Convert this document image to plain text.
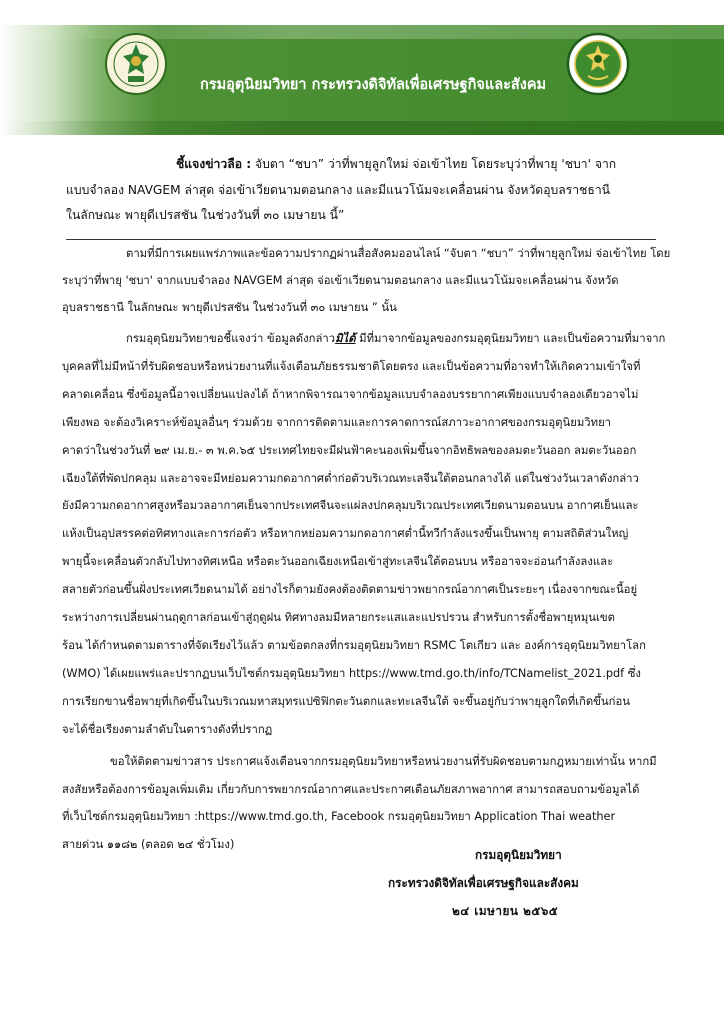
กรมอุตุนิยมวิทยา กระทรวงดิจิทัลเพื่อเศรษฐกิจและสังคม

ชี้แจงข่าวลือ : จับตา “ชบา” ว่าที่พายุลูกใหม่ จ่อเข้าไทย โดยระบุว่าที่พายุ 'ชบา' จาก

แบบจำลอง NAVGEM ล่าสุด จ่อเข้าเวียดนามตอนกลาง และมีแนวโน้มจะเคลื่อนผ่าน จังหวัดอุบลราชธานี

ในลักษณะ พายุดีเปรสชัน ในช่วงวันที่ ๓๐ เมษายน นี้”

ตามที่มีการเผยแพร่ภาพและข้อความปรากฏผ่านสื่อสังคมออนไลน์ “จับตา “ชบา” ว่าที่พายุลูกใหม่ จ่อเข้าไทย โดย

ระบุว่าที่พายุ 'ชบา' จากแบบจำลอง NAVGEM ล่าสุด จ่อเข้าเวียดนามตอนกลาง และมีแนวโน้มจะเคลื่อนผ่าน จังหวัด

อุบลราชธานี ในลักษณะ พายุดีเปรสชัน ในช่วงวันที่ ๓๐ เมษายน ” นั้น

กรมอุตุนิยมวิทยาขอชี้แจงว่า ข้อมูลดังกล่าวมิได้ มีที่มาจากข้อมูลของกรมอุตุนิยมวิทยา และเป็นข้อความที่มาจาก

บุคคลที่ไม่มีหน้าที่รับผิดชอบหรือหน่วยงานที่แจ้งเตือนภัยธรรมชาติโดยตรง และเป็นข้อความที่อาจทำให้เกิดความเข้าใจที่

คลาดเคลื่อน ซึ่งข้อมูลนี้อาจเปลี่ยนแปลงได้ ถ้าหากพิจารณาจากข้อมูลแบบจำลองบรรยากาศเพียงแบบจำลองเดียวอาจไม่

เพียงพอ จะต้องวิเคราะห์ข้อมูลอื่นๆ ร่วมด้วย จากการติดตามและการคาดการณ์สภาวะอากาศของกรมอุตุนิยมวิทยา

คาดว่าในช่วงวันที่ ๒๙ เม.ย.- ๓ พ.ค.๖๕ ประเทศไทยจะมีฝนฟ้าคะนองเพิ่มขึ้นจากอิทธิพลของลมตะวันออก ลมตะวันออก

เฉียงใต้ที่พัดปกคลุม และอาจจะมีหย่อมความกดอากาศต่ำก่อตัวบริเวณทะเลจีนใต้ตอนกลางได้ แต่ในช่วงวันเวลาดังกล่าว

ยังมีความกดอากาศสูงหรือมวลอากาศเย็นจากประเทศจีนจะแผ่ลงปกคลุมบริเวณประเทศเวียดนามตอนบน อากาศเย็นและ

แห้งเป็นอุปสรรคต่อทิศทางและการก่อตัว หรือหากหย่อมความกดอากาศต่ำนี้ทวีกำลังแรงขึ้นเป็นพายุ ตามสถิติส่วนใหญ่

พายุนี้จะเคลื่อนตัวกลับไปทางทิศเหนือ หรือตะวันออกเฉียงเหนือเข้าสู่ทะเลจีนใต้ตอนบน หรืออาจจะอ่อนกำลังลงและ

สลายตัวก่อนขึ้นฝั่งประเทศเวียดนามได้ อย่างไรก็ตามยังคงต้องติดตามข่าวพยากรณ์อากาศเป็นระยะๆ เนื่องจากขณะนี้อยู่

ระหว่างการเปลี่ยนผ่านฤดูกาลก่อนเข้าสู่ฤดูฝน ทิศทางลมมีหลายกระแสและแปรปรวน สำหรับการตั้งชื่อพายุหมุนเขต

ร้อน ได้กำหนดตามตารางที่จัดเรียงไว้แล้ว ตามข้อตกลงที่กรมอุตุนิยมวิทยา RSMC โตเกียว และ องค์การอุตุนิยมวิทยาโลก

(WMO) ได้เผยแพร่และปรากฏบนเว็บไซต์กรมอุตุนิยมวิทยา https://www.tmd.go.th/info/TCNamelist_2021.pdf ซึ่ง

การเรียกขานชื่อพายุที่เกิดขึ้นในบริเวณมหาสมุทรแปซิฟิกตะวันตกและทะเลจีนใต้ จะขึ้นอยู่กับว่าพายุลูกใดที่เกิดขึ้นก่อน

จะได้ชื่อเรียงตามลำดับในตารางดังที่ปรากฏ

ขอให้ติดตามข่าวสาร ประกาศแจ้งเตือนจากกรมอุตุนิยมวิทยาหรือหน่วยงานที่รับผิดชอบตามกฎหมายเท่านั้น หากมี

สงสัยหรือต้องการข้อมูลเพิ่มเติม เกี่ยวกับการพยากรณ์อากาศและประกาศเตือนภัยสภาพอากาศ สามารถสอบถามข้อมูลได้

ที่เว็บไซต์กรมอุตุนิยมวิทยา :https://www.tmd.go.th, Facebook กรมอุตุนิยมวิทยา Application Thai weather

สายด่วน ๑๑๘๒ (ตลอด ๒๔ ชั่วโมง)

กรมอุตุนิยมวิทยา
กระทรวงดิจิทัลเพื่อเศรษฐกิจและสังคม
๒๔ เมษายน ๒๕๖๕
